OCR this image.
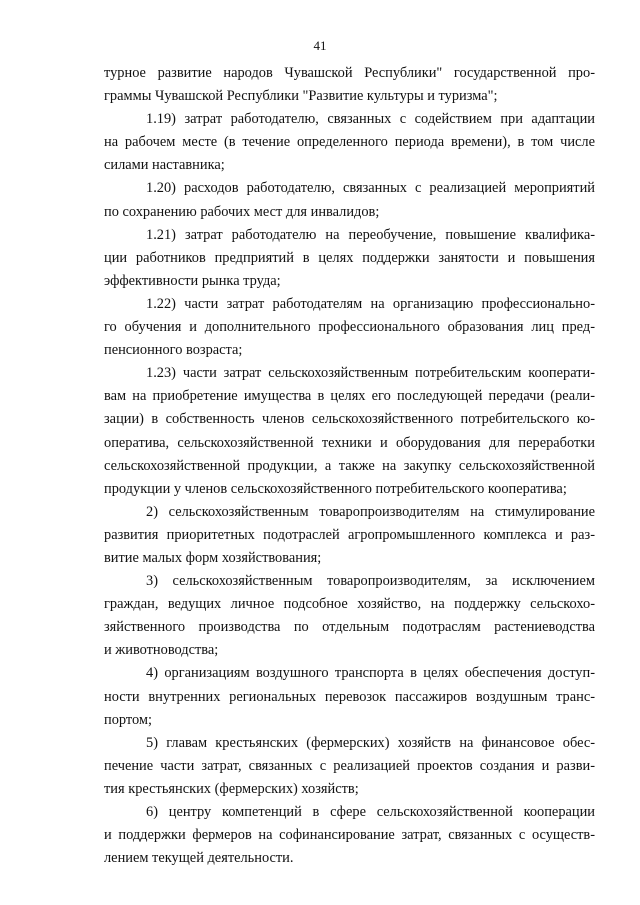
41
турное развитие народов Чувашской Республики" государственной про-
граммы Чувашской Республики "Развитие культуры и туризма";
1.19) затрат работодателю, связанных с содействием при адаптации
на рабочем месте (в течение определенного периода времени), в том числе
силами наставника;
1.20) расходов работодателю, связанных с реализацией мероприятий
по сохранению рабочих мест для инвалидов;
1.21) затрат работодателю на переобучение, повышение квалифика-
ции работников предприятий в целях поддержки занятости и повышения
эффективности рынка труда;
1.22) части затрат работодателям на организацию профессионально-
го обучения и дополнительного профессионального образования лиц пред-
пенсионного возраста;
1.23) части затрат сельскохозяйственным потребительским кооперати-
вам на приобретение имущества в целях его последующей передачи (реали-
зации) в собственность членов сельскохозяйственного потребительского ко-
оператива, сельскохозяйственной техники и оборудования для переработки
сельскохозяйственной продукции, а также на закупку сельскохозяйственной
продукции у членов сельскохозяйственного потребительского кооператива;
2) сельскохозяйственным товаропроизводителям на стимулирование
развития приоритетных подотраслей агропромышленного комплекса и раз-
витие малых форм хозяйствования;
3) сельскохозяйственным товаропроизводителям, за исключением
граждан, ведущих личное подсобное хозяйство, на поддержку сельскохо-
зяйственного производства по отдельным подотраслям растениеводства
и животноводства;
4) организациям воздушного транспорта в целях обеспечения доступ-
ности внутренних региональных перевозок пассажиров воздушным транс-
портом;
5) главам крестьянских (фермерских) хозяйств на финансовое обес-
печение части затрат, связанных с реализацией проектов создания и разви-
тия крестьянских (фермерских) хозяйств;
6) центру компетенций в сфере сельскохозяйственной кооперации
и поддержки фермеров на софинансирование затрат, связанных с осуществ-
лением текущей деятельности.
